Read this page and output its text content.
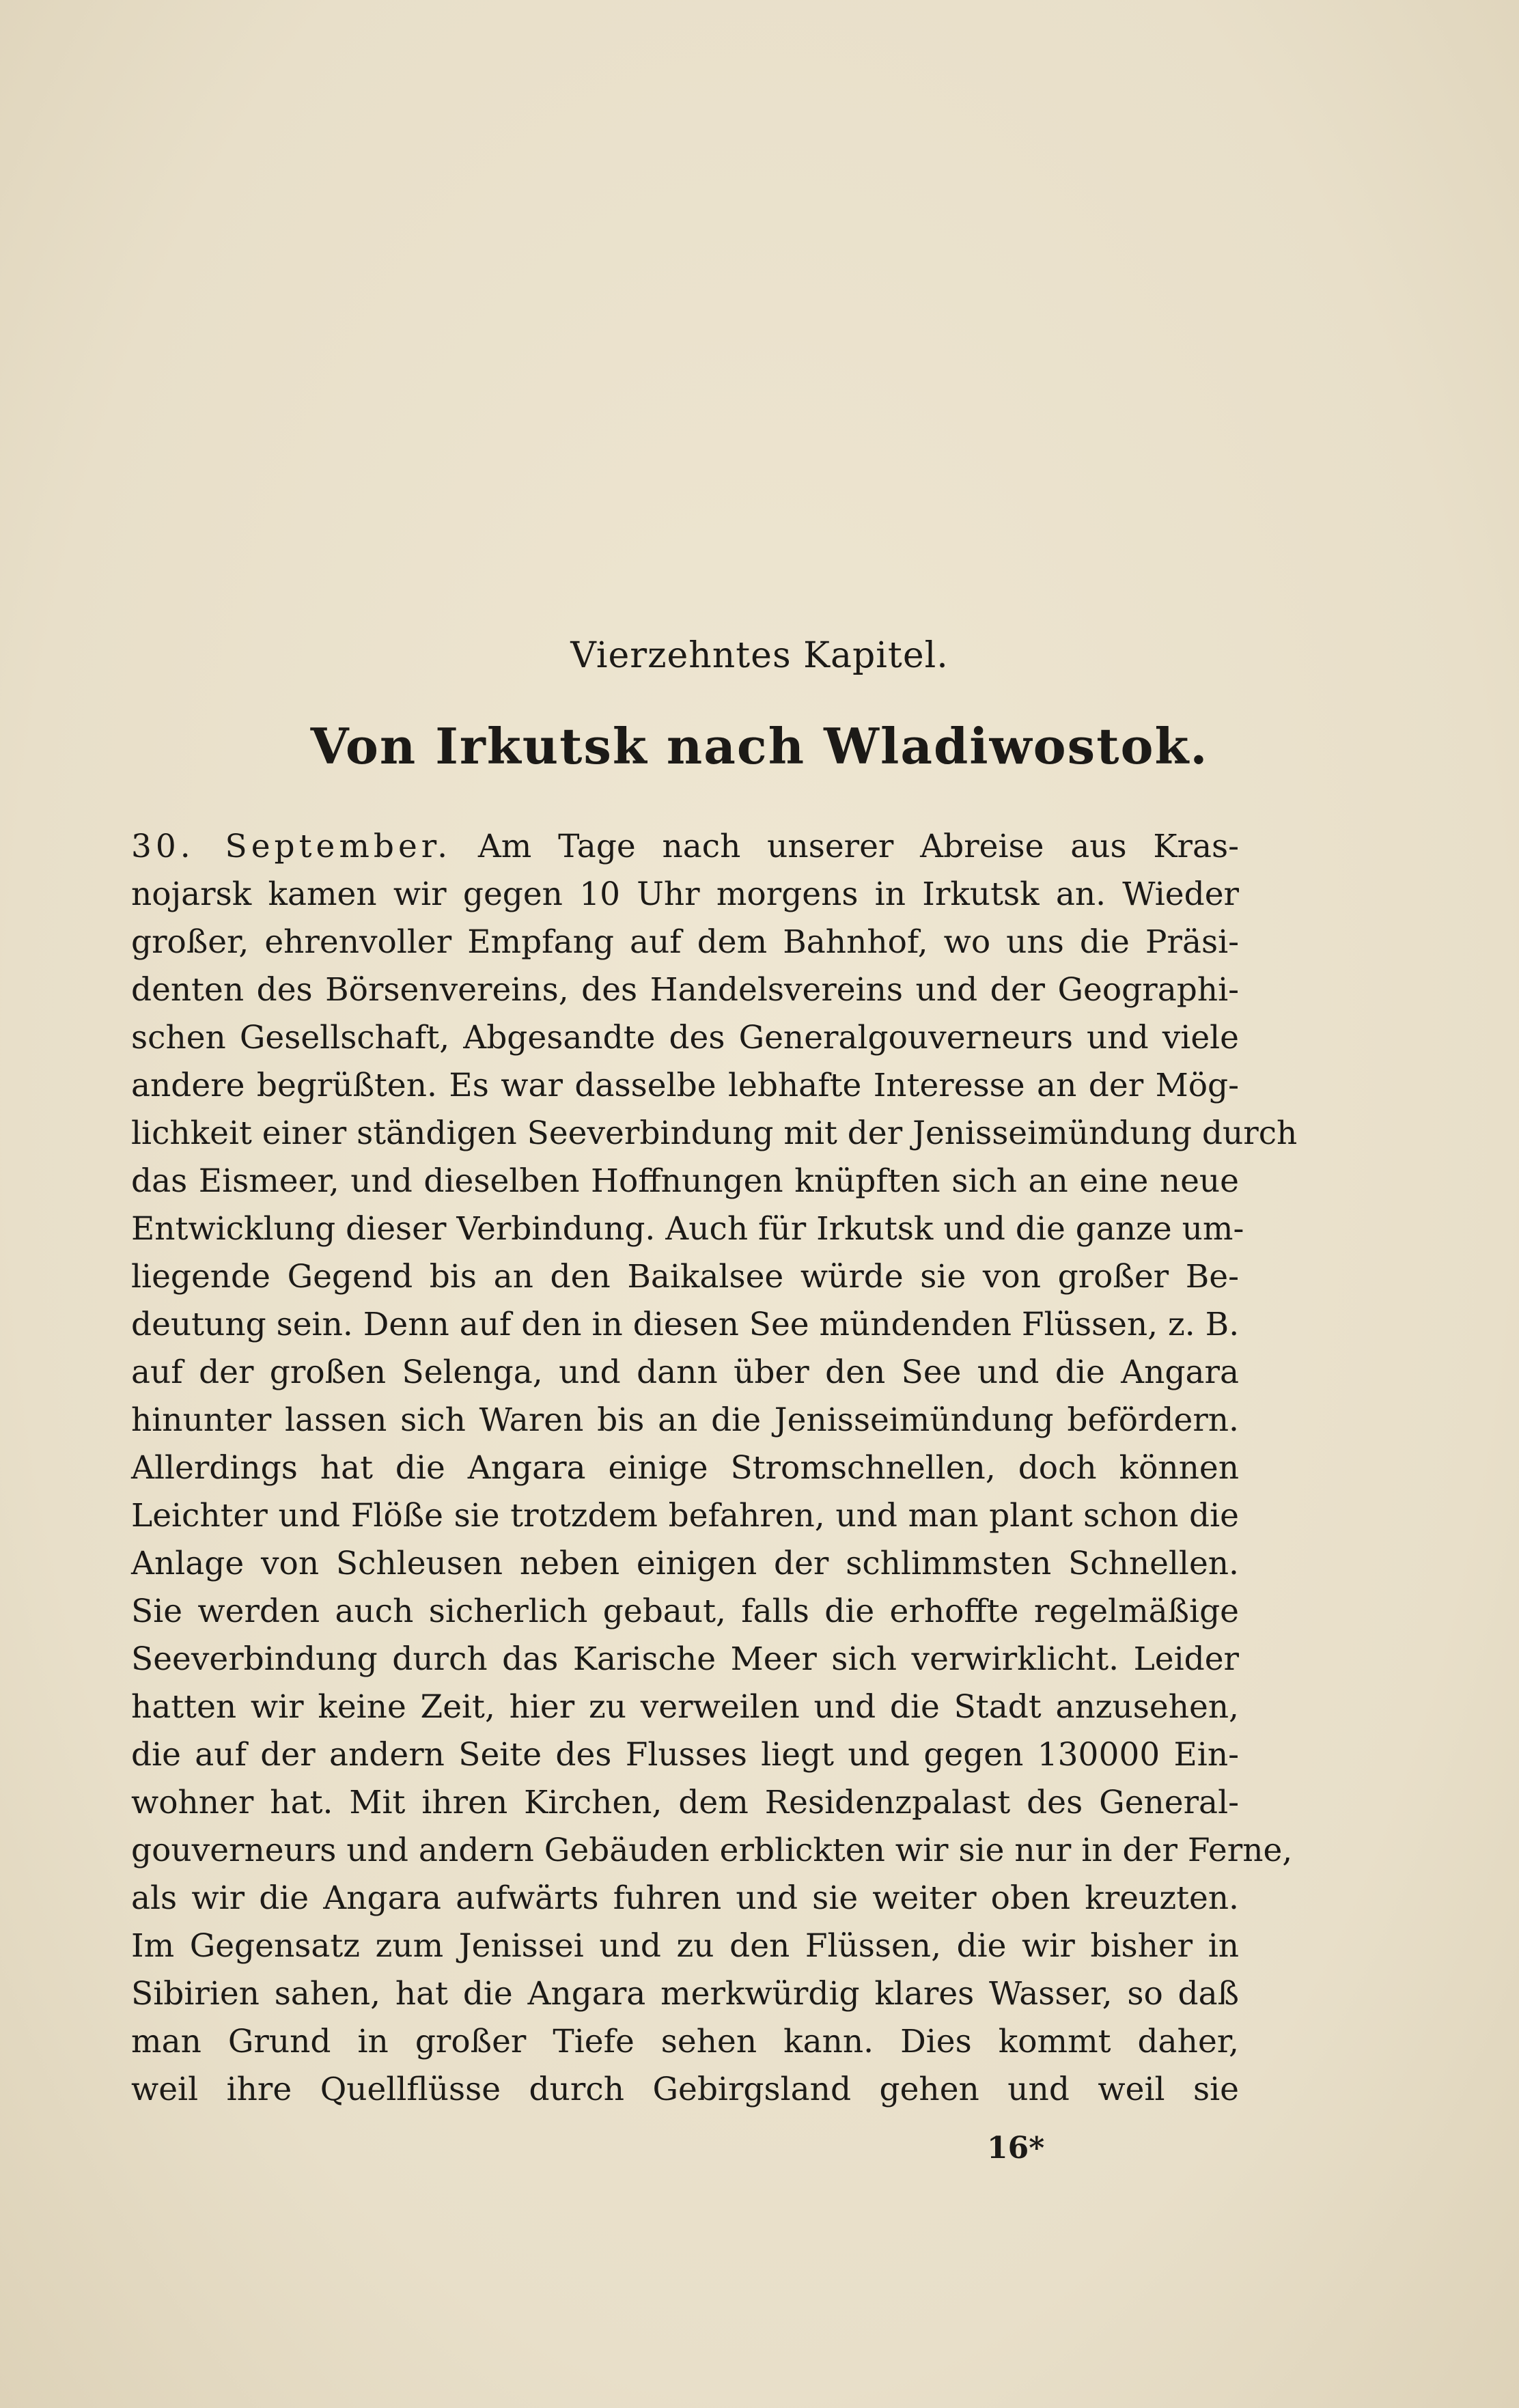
Vierzehntes Kapitel.
Von Irkutsk nach Wladiwostok.
30. September. Am Tage nach unserer Abreise aus Kras-
nojarsk kamen wir gegen 10 Uhr morgens in Irkutsk an. Wieder
großer, ehrenvoller Empfang auf dem Bahnhof, wo uns die Präsi-
denten des Börsenvereins, des Handelsvereins und der Geographi-
schen Gesellschaft, Abgesandte des Generalgouverneurs und viele
andere begrüßten. Es war dasselbe lebhafte Interesse an der Mög-
lichkeit einer ständigen Seeverbindung mit der Jenisseimündung durch
das Eismeer, und dieselben Hoffnungen knüpften sich an eine neue
Entwicklung dieser Verbindung. Auch für Irkutsk und die ganze um-
liegende Gegend bis an den Baikalsee würde sie von großer Be-
deutung sein. Denn auf den in diesen See mündenden Flüssen, z. B.
auf der großen Selenga, und dann über den See und die Angara
hinunter lassen sich Waren bis an die Jenisseimündung befördern.
Allerdings hat die Angara einige Stromschnellen, doch können
Leichter und Flöße sie trotzdem befahren, und man plant schon die
Anlage von Schleusen neben einigen der schlimmsten Schnellen.
Sie werden auch sicherlich gebaut, falls die erhoffte regelmäßige
Seeverbindung durch das Karische Meer sich verwirklicht. Leider
hatten wir keine Zeit, hier zu verweilen und die Stadt anzusehen,
die auf der andern Seite des Flusses liegt und gegen 130000 Ein-
wohner hat. Mit ihren Kirchen, dem Residenzpalast des General-
gouverneurs und andern Gebäuden erblickten wir sie nur in der Ferne,
als wir die Angara aufwärts fuhren und sie weiter oben kreuzten.
Im Gegensatz zum Jenissei und zu den Flüssen, die wir bisher in
Sibirien sahen, hat die Angara merkwürdig klares Wasser, so daß
man Grund in großer Tiefe sehen kann. Dies kommt daher,
weil ihre Quellflüsse durch Gebirgsland gehen und weil sie
16*
